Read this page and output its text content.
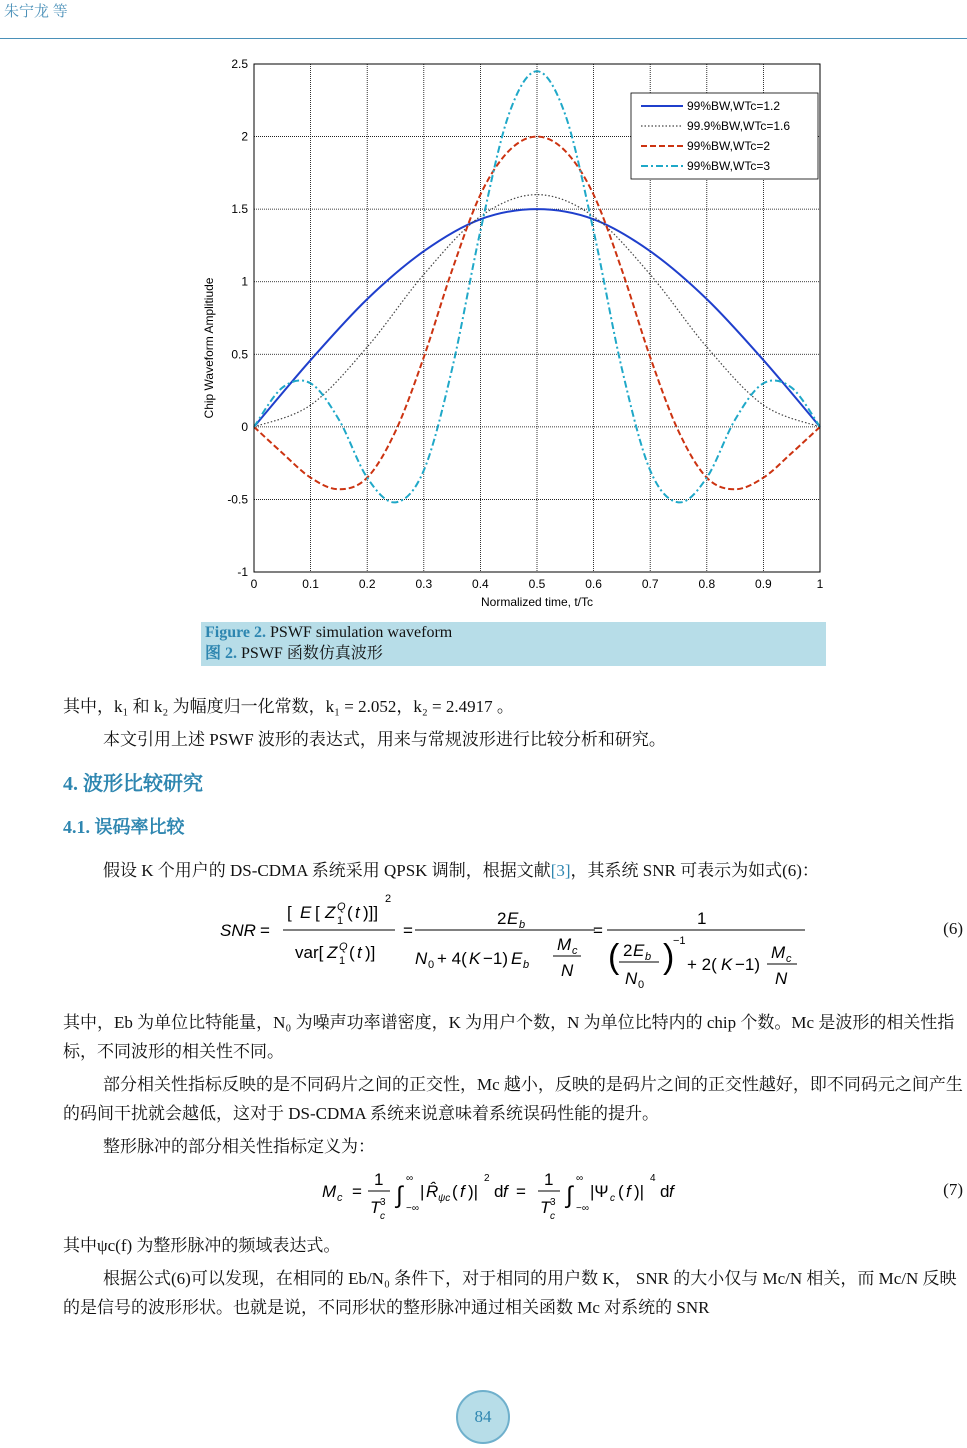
朱宁龙 等
0	0.1	0.2	0.3	0.4	0.5	0.6	0.7	0.8	0.9	1
-1
-0.5
0
0.5
1
1.5
2
2.5
99%BW,WTc=1.2
99.9%BW,WTc=1.6
99%BW,WTc=2
99%BW,WTc=3
Chip Waveform Amplitiude
Normalized time, t/Tc
Figure 2. PSWF simulation waveform
图 2. PSWF 函数仿真波形
其中，k₁ 和 k₂ 为幅度归一化常数，k₁ = 2.052，k₂ = 2.4917 。
本文引用上述 PSWF 波形的表达式，用来与常规波形进行比较分析和研究。
4. 波形比较研究
4.1. 误码率比较
假设 K 个用户的 DS-CDMA 系统采用 QPSK 调制，根据文献[3]，其系统 SNR 可表示为如式(6)：
SNR =
[ E [ Z 1
Q ( t )]]
2
var[ Z 1
Q ( t )]
=
2 E b
N 0 + 4( K −1) E b
M c
N
=
1
( )
−1
2 E b
N 0
+ 2( K −1)
M c
N
(6)
其中，Eb 为单位比特能量，N₀ 为噪声功率谱密度，K 为用户个数，N 为单位比特内的 chip 个数。Mc 是波形的相关性指标，不同波形的相关性不同。
部分相关性指标反映的是不同码片之间的正交性，Mc 越小，反映的是码片之间的正交性越好，即不同码元之间产生的码间干扰就会越低，这对于 DS-CDMA 系统来说意味着系统误码性能的提升。
整形脉冲的部分相关性指标定义为：
M c =
1
T 3
c
∫
∞
−∞
| R̂ ψc ( f )|
2
d f =
1
T 3
c
∫
∞
−∞
|Ψ c ( f )|
4
d f	(7)
其中ψc(f) 为整形脉冲的频域表达式。
根据公式(6)可以发现，在相同的 Eb/N₀ 条件下，对于相同的用户数 K， SNR 的大小仅与 Mc/N 相关，而 Mc/N 反映的是信号的波形形状。也就是说，不同形状的整形脉冲通过相关函数 Mc 对系统的 SNR
84
